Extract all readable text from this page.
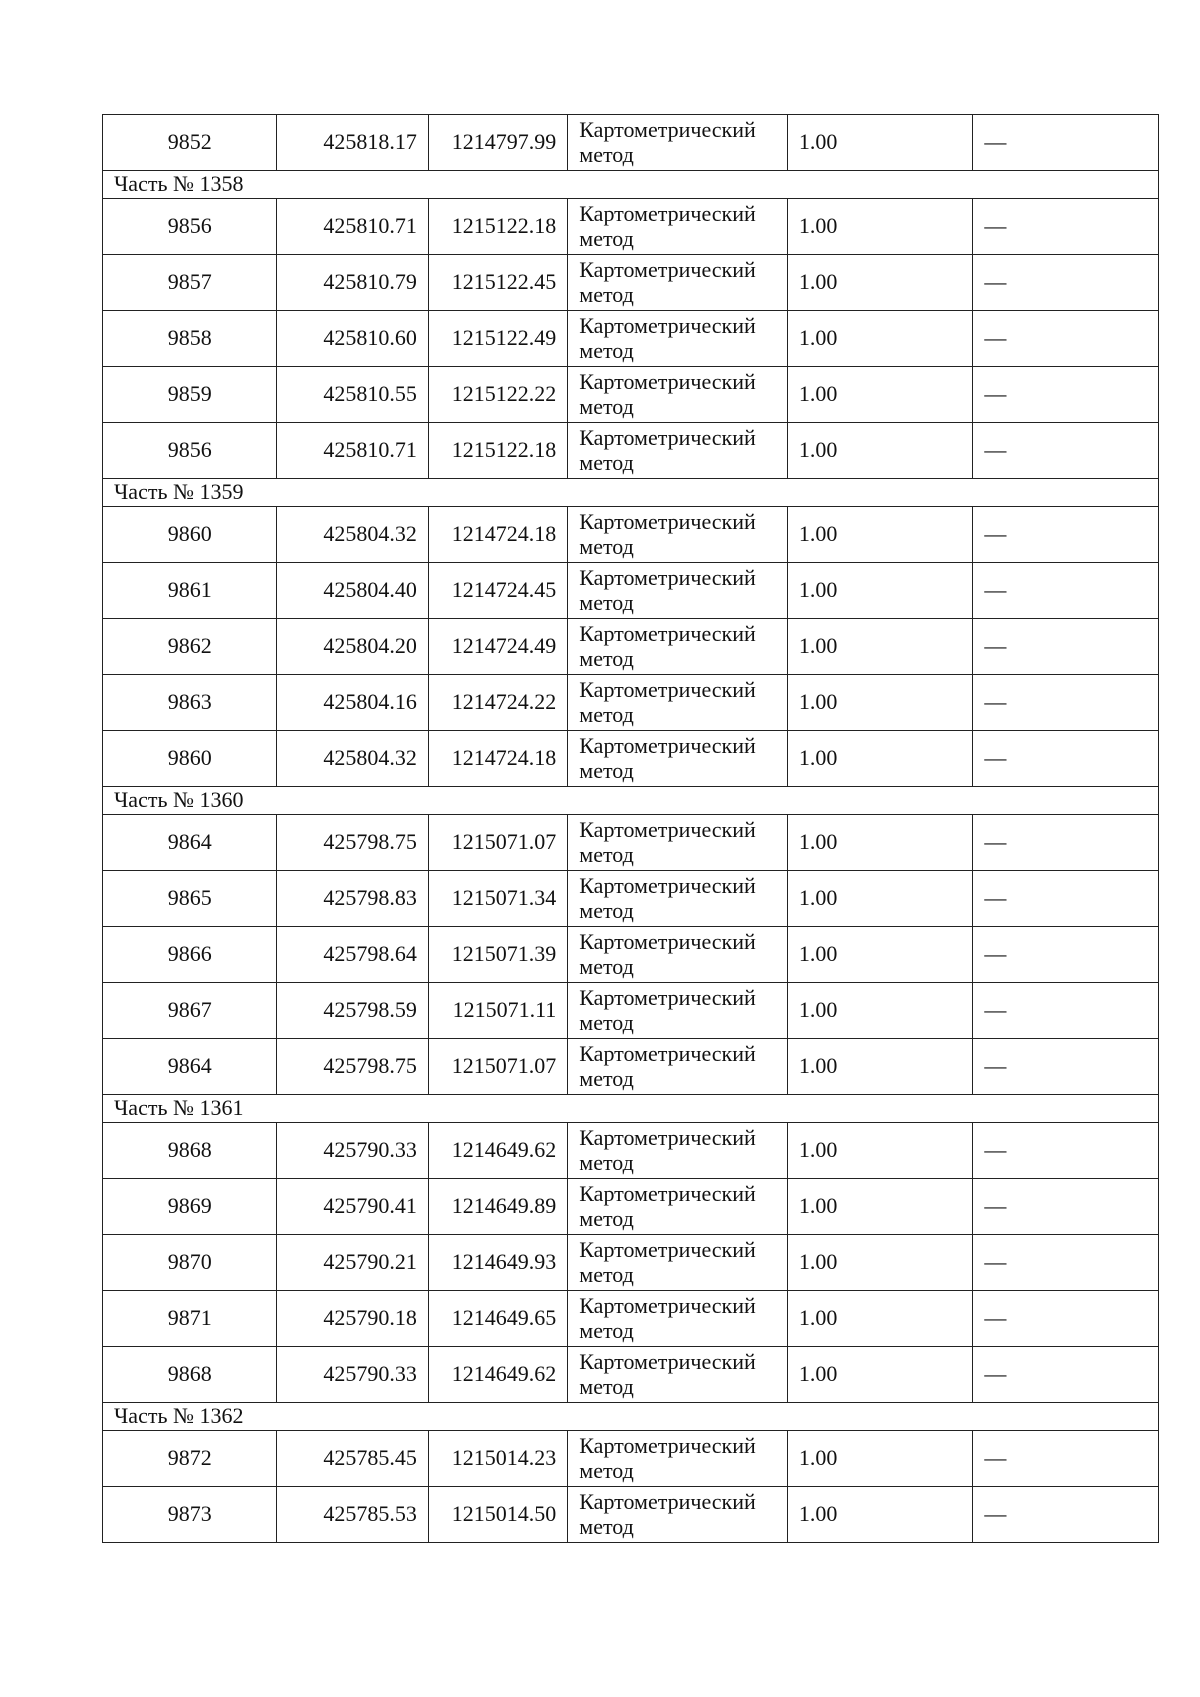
9852	425818.17	1214797.99	Картометрический метод	1.00	—
Часть № 1358					
9856	425810.71	1215122.18	Картометрический метод	1.00	—
9857	425810.79	1215122.45	Картометрический метод	1.00	—
9858	425810.60	1215122.49	Картометрический метод	1.00	—
9859	425810.55	1215122.22	Картометрический метод	1.00	—
9856	425810.71	1215122.18	Картометрический метод	1.00	—
Часть № 1359					
9860	425804.32	1214724.18	Картометрический метод	1.00	—
9861	425804.40	1214724.45	Картометрический метод	1.00	—
9862	425804.20	1214724.49	Картометрический метод	1.00	—
9863	425804.16	1214724.22	Картометрический метод	1.00	—
9860	425804.32	1214724.18	Картометрический метод	1.00	—
Часть № 1360					
9864	425798.75	1215071.07	Картометрический метод	1.00	—
9865	425798.83	1215071.34	Картометрический метод	1.00	—
9866	425798.64	1215071.39	Картометрический метод	1.00	—
9867	425798.59	1215071.11	Картометрический метод	1.00	—
9864	425798.75	1215071.07	Картометрический метод	1.00	—
Часть № 1361					
9868	425790.33	1214649.62	Картометрический метод	1.00	—
9869	425790.41	1214649.89	Картометрический метод	1.00	—
9870	425790.21	1214649.93	Картометрический метод	1.00	—
9871	425790.18	1214649.65	Картометрический метод	1.00	—
9868	425790.33	1214649.62	Картометрический метод	1.00	—
Часть № 1362					
9872	425785.45	1215014.23	Картометрический метод	1.00	—
9873	425785.53	1215014.50	Картометрический метод	1.00	—
